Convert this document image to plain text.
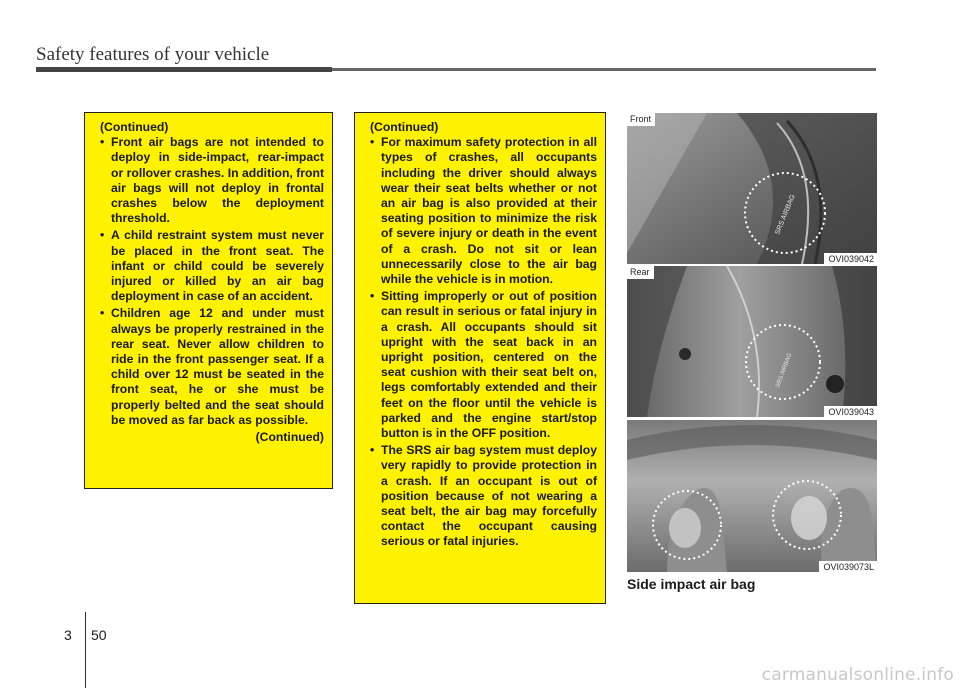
Safety features of your vehicle
(Continued)
• Front air bags are not intended to deploy in side-impact, rear-impact or rollover crashes. In addition, front air bags will not deploy in frontal crashes below the deployment threshold.
• A child restraint system must never be placed in the front seat. The infant or child could be severely injured or killed by an air bag deployment in case of an accident.
• Children age 12 and under must always be properly restrained in the rear seat. Never allow children to ride in the front passenger seat. If a child over 12 must be seated in the front seat, he or she must be properly belted and the seat should be moved as far back as possible.
(Continued)
(Continued)
• For maximum safety protection in all types of crashes, all occupants including the driver should always wear their seat belts whether or not an air bag is also provided at their seating position to minimize the risk of severe injury or death in the event of a crash. Do not sit or lean unnecessarily close to the air bag while the vehicle is in motion.
• Sitting improperly or out of position can result in serious or fatal injury in a crash. All occupants should sit upright with the seat back in an upright position, centered on the seat cushion with their seat belt on, legs comfortably extended and their feet on the floor until the vehicle is parked and the engine start/stop button is in the OFF position.
• The SRS air bag system must deploy very rapidly to provide protection in a crash. If an occupant is out of position because of not wearing a seat belt, the air bag may forcefully contact the occupant causing serious or fatal injuries.
SRS AIRBAG
Front
OVI039042
SRS AIRBAG
Rear
OVI039043
OVI039073L
Side impact air bag
3 50
carmanualsonline.info
